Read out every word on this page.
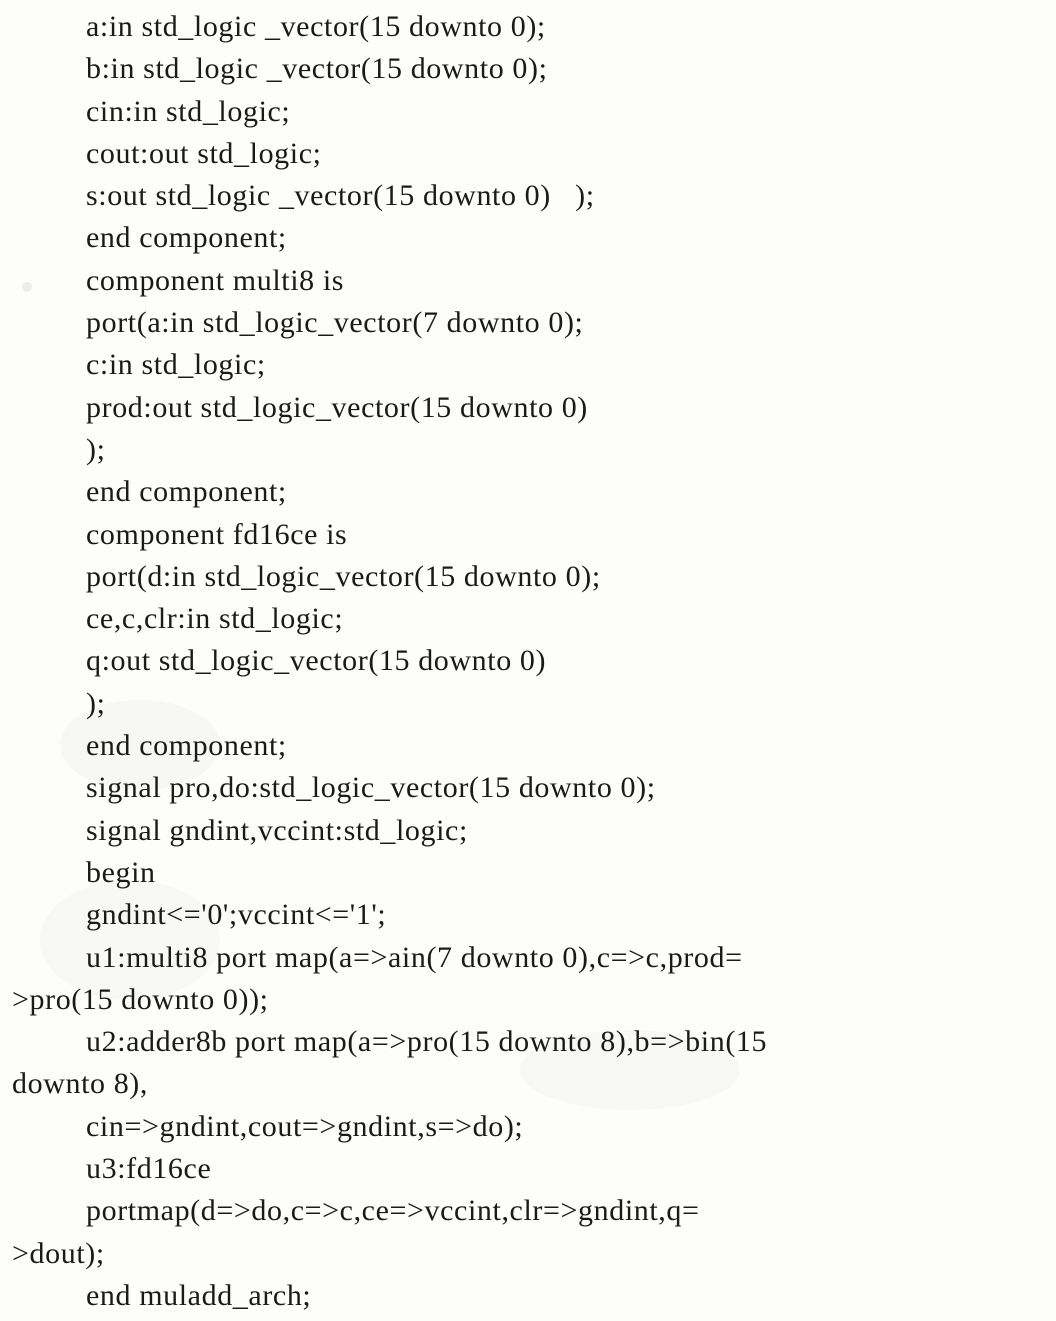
a:in std_logic _vector(15 downto 0);
b:in std_logic _vector(15 downto 0);
cin:in std_logic;
cout:out std_logic;
s:out std_logic _vector(15 downto 0)   );
end component;
component multi8 is
port(a:in std_logic_vector(7 downto 0);
c:in std_logic;
prod:out std_logic_vector(15 downto 0)
);
end component;
component fd16ce is
port(d:in std_logic_vector(15 downto 0);
ce,c,clr:in std_logic;
q:out std_logic_vector(15 downto 0)
);
end component;
signal pro,do:std_logic_vector(15 downto 0);
signal gndint,vccint:std_logic;
begin
gndint<='0';vccint<='1';
u1:multi8 port map(a=>ain(7 downto 0),c=>c,prod=
>pro(15 downto 0));
u2:adder8b port map(a=>pro(15 downto 8),b=>bin(15
downto 8),
cin=>gndint,cout=>gndint,s=>do);
u3:fd16ce
portmap(d=>do,c=>c,ce=>vccint,clr=>gndint,q=
>dout);
end muladd_arch;
